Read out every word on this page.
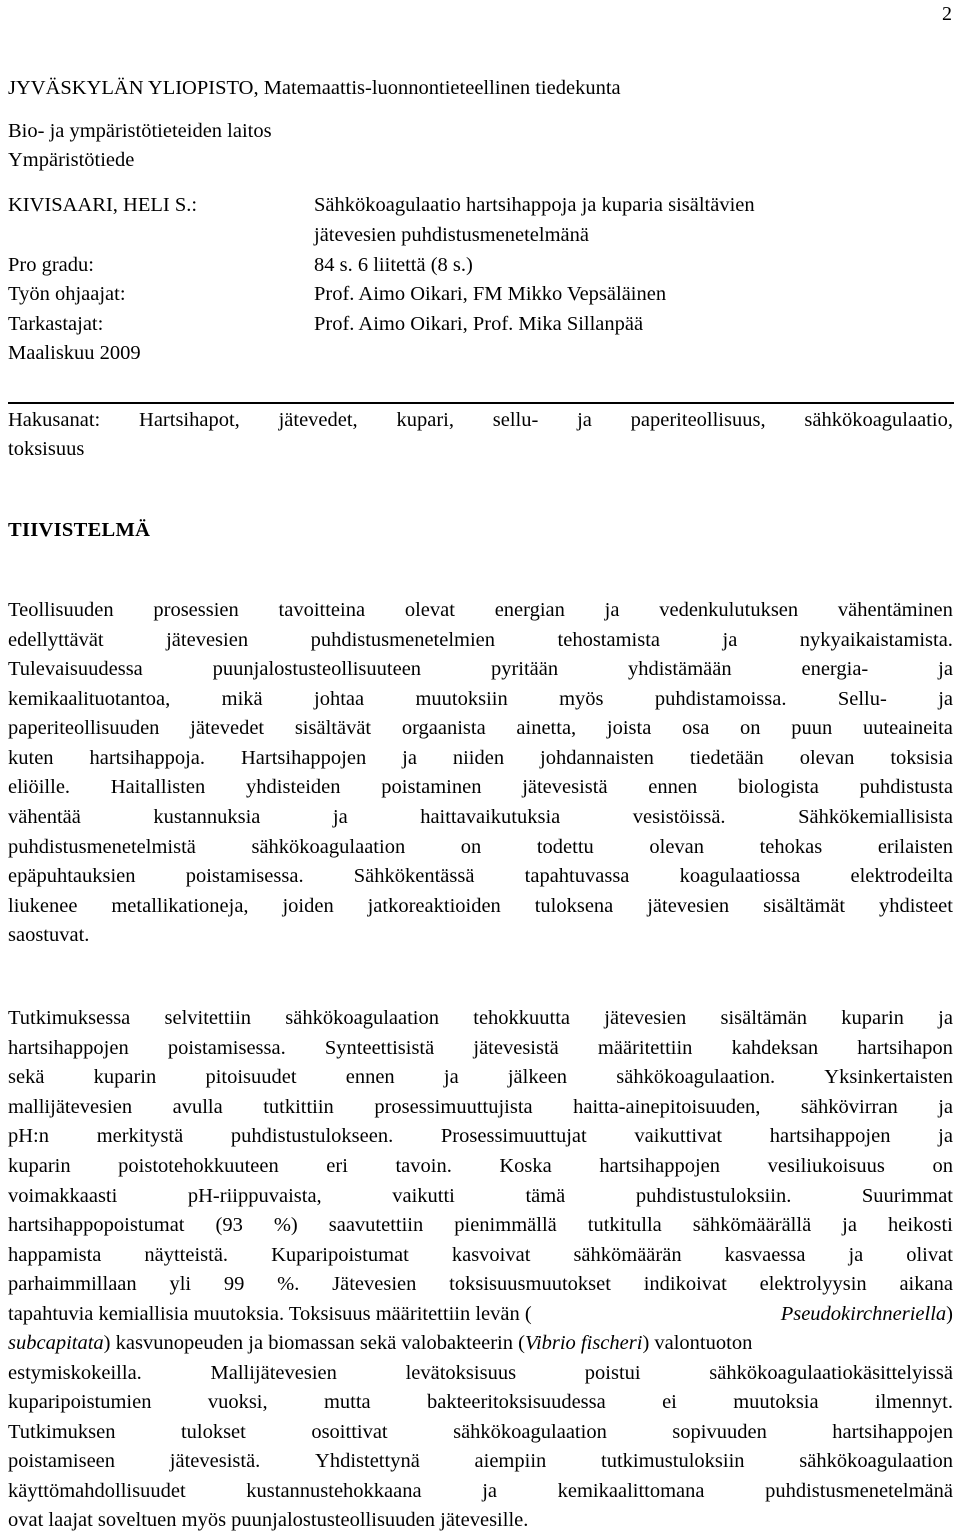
2
JYVÄSKYLÄN YLIOPISTO, Matemaattis-luonnontieteellinen tiedekunta
Bio- ja ympäristötieteiden laitos
Ympäristötiede
KIVISAARI, HELI S.:	Sähkökoagulaatio hartsihappoja ja kuparia sisältävien
jätevesien puhdistusmenetelmänä
Pro gradu:	84 s. 6 liitettä (8 s.)
Työn ohjaajat:	Prof. Aimo Oikari, FM Mikko Vepsäläinen
Tarkastajat:	Prof. Aimo Oikari, Prof. Mika Sillanpää
Maaliskuu 2009
Hakusanat: Hartsihapot, jätevedet, kupari, sellu- ja paperiteollisuus, sähkökoagulaatio,
toksisuus
TIIVISTELMÄ
Teollisuuden prosessien tavoitteina olevat energian ja vedenkulutuksen vähentäminen
edellyttävät	jätevesien	puhdistusmenetelmien	tehostamista	ja	nykyaikaistamista.
Tulevaisuudessa	puunjalostusteollisuuteen	pyritään	yhdistämään	energia-	ja
kemikaalituotantoa,	mikä	johtaa	muutoksiin	myös	puhdistamoissa.	Sellu-	ja
paperiteollisuuden jätevedet sisältävät orgaanista ainetta, joista osa on puun uuteaineita
kuten hartsihappoja. Hartsihappojen ja niiden johdannaisten tiedetään olevan toksisia
eliöille. Haitallisten yhdisteiden poistaminen jätevesistä ennen biologista puhdistusta
vähentää	kustannuksia	ja	haittavaikutuksia	vesistöissä.	Sähkökemiallisista
puhdistusmenetelmistä	sähkökoagulaation	on	todettu	olevan	tehokas	erilaisten
epäpuhtauksien poistamisessa. Sähkökentässä tapahtuvassa koagulaatiossa elektrodeilta
liukenee metallikationeja, joiden jatkoreaktioiden tuloksena jätevesien sisältämät yhdisteet
saostuvat.
Tutkimuksessa selvitettiin sähkökoagulaation tehokkuutta jätevesien sisältämän kuparin ja
hartsihappojen poistamisessa. Synteettisistä jätevesistä määritettiin kahdeksan hartsihapon
sekä kuparin pitoisuudet ennen ja jälkeen sähkökoagulaation. Yksinkertaisten
mallijätevesien avulla tutkittiin prosessimuuttujista haitta-ainepitoisuuden, sähkövirran ja
pH:n merkitystä puhdistustulokseen. Prosessimuuttujat vaikuttivat hartsihappojen ja
kuparin poistotehokkuuteen eri tavoin. Koska hartsihappojen vesiliukoisuus on
voimakkaasti	pH-riippuvaista,	vaikutti	tämä	puhdistustuloksiin.	Suurimmat
hartsihappopoistumat (93 %) saavutettiin pienimmällä tutkitulla sähkömäärällä ja heikosti
happamista näytteistä. Kuparipoistumat kasvoivat sähkömäärän kasvaessa ja olivat
parhaimmillaan yli 99 %. Jätevesien toksisuusmuutokset indikoivat elektrolyysin aikana
tapahtuvia kemiallisia muutoksia. Toksisuus määritettiin levän (	Pseudokirchneriella )
subcapitata ) kasvunopeuden ja biomassan sekä valobakteerin ( Vibrio fischeri ) valontuoton
estymiskokeilla.	Mallijätevesien	levätoksisuus	poistui	sähkökoagulaatiokäsittelyissä
kuparipoistumien	vuoksi,	mutta	bakteeritoksisuudessa	ei	muutoksia	ilmennyt.
Tutkimuksen	tulokset	osoittivat	sähkökoagulaation	sopivuuden	hartsihappojen
poistamiseen	jätevesistä.	Yhdistettynä	aiempiin	tutkimustuloksiin	sähkökoagulaation
käyttömahdollisuudet	kustannustehokkaana	ja	kemikaalittomana	puhdistusmenetelmänä
ovat laajat soveltuen myös puunjalostusteollisuuden jätevesille.
